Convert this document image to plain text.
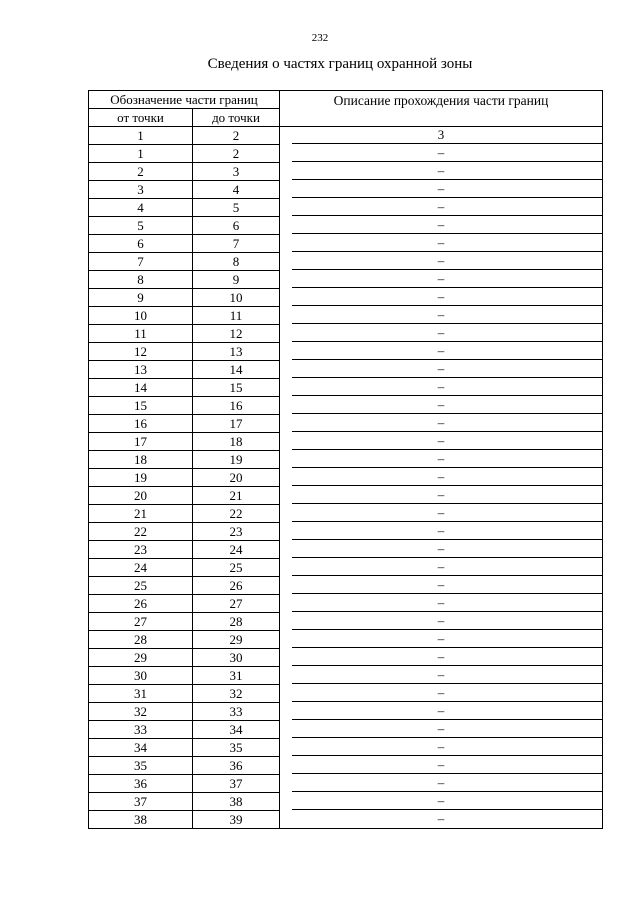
232
Сведения о частях границ охранной зоны
Обозначение части границ		Описание прохождения части границ
от точки	до точки	
1	2	3

1	2	–

2	3	–

3	4	–

4	5	–

5	6	–

6	7	–

7	8	–

8	9	–

9	10	–

10	11	–

11	12	–

12	13	–

13	14	–

14	15	–

15	16	–

16	17	–

17	18	–

18	19	–

19	20	–

20	21	–

21	22	–

22	23	–

23	24	–

24	25	–

25	26	–

26	27	–

27	28	–

28	29	–

29	30	–

30	31	–

31	32	–

32	33	–

33	34	–

34	35	–

35	36	–

36	37	–

37	38	–

38	39	–
